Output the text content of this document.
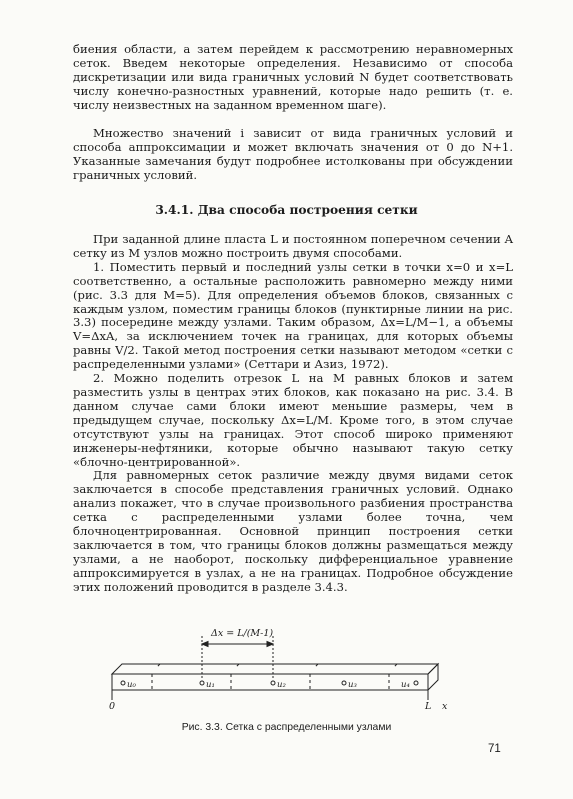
биения области, а затем перейдем к рассмотрению неравномерных сеток. Введем некоторые определения. Независимо от способа дискретизации или вида граничных условий N будет соответствовать числу конечно-разностных уравнений, которые надо решить (т. е. числу неизвестных на заданном временном шаге).

Множество значений i зависит от вида граничных условий и способа аппроксимации и может включать значения от 0 до N+1. Указанные замечания будут подробнее истолкованы при обсуждении граничных условий.

3.4.1. Два способа построения сетки

При заданной длине пласта L и постоянном поперечном сечении A сетку из M узлов можно построить двумя способами.

1. Поместить первый и последний узлы сетки в точки x=0 и x=L соответственно, а остальные расположить равномерно между ними (рис. 3.3 для M=5). Для определения объемов блоков, связанных с каждым узлом, поместим границы блоков (пунктирные линии на рис. 3.3) посередине между узлами. Таким образом, Δx=L/M−1, а объемы V=ΔxA, за исключением точек на границах, для которых объемы равны V/2. Такой метод построения сетки называют методом «сетки с распределенными узлами» (Сеттари и Азиз, 1972).

2. Можно поделить отрезок L на M равных блоков и затем разместить узлы в центрах этих блоков, как показано на рис. 3.4. В данном случае сами блоки имеют меньшие размеры, чем в предыдущем случае, поскольку Δx=L/M. Кроме того, в этом случае отсутствуют узлы на границах. Этот способ широко применяют инженеры-нефтяники, которые обычно называют такую сетку «блочно-центрированной».

Для равномерных сеток различие между двумя видами сеток заключается в способе представления граничных условий. Однако анализ покажет, что в случае произвольного разбиения пространства сетка с распределенными узлами более точна, чем блочноцентрированная. Основной принцип построения сетки заключается в том, что границы блоков должны размещаться между узлами, а не наоборот, поскольку дифференциальное уравнение аппроксимируется в узлах, а не на границах. Подробное обсуждение этих положений проводится в разделе 3.4.3.

Δx = L/(M-1)
u₀	u₁	u₂	u₃	u₄
0	L x
Рис. 3.3. Сетка с распределенными узлами
71
